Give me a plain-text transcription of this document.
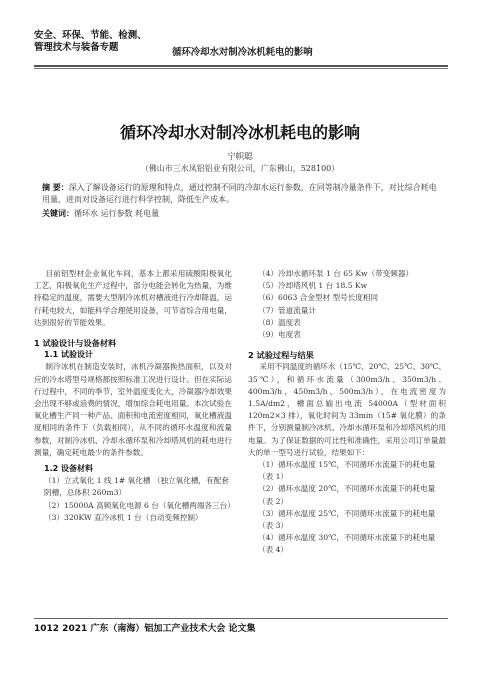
安全、环保、节能、检测、
管理技术与装备专题	循环冷却水对制冷冰机耗电的影响
循环冷却水对制冷冰机耗电的影响
宁帜聪
（佛山市三水凤铝铝业有限公司，广东佛山，528100）
摘 要：深入了解设备运行的原理和特点，通过控制不同的冷却水运行参数，在同等制冷量条件下，对比综合耗电用量，进而对设备运行进行科学控制，降低生产成本。
关键词：循环水 运行参数 耗电量

目前铝型材企业氧化车间，基本上都采用硫酸阳极氧化工艺，阳极氧化生产过程中，部分电能会转化为热量，为维持稳定的温度，需要大型制冷冰机对槽液进行冷却降温，运行耗电较大，如能科学合理使用设备，可节省综合用电量，达到很好的节能效果。

1 试验设计与设备材料

1.1 试验设计

制冷冰机在制造安装时，冰机冷凝器换热面积，以及对应的冷水塔型号规格都按照标准工况进行设计。但在实际运行过程中，不同的季节，室外温度变化大，冷凝器冷却效果会出现不够或浪费的情况，增加综合耗电用量。本次试验在氧化槽生产同一种产品、面积和电流密度相同，氧化槽液温度相同的条件下（负载相同），从不同的循环水温度和流量参数，对制冷冰机、冷却水循环泵和冷却塔风机的耗电进行测量，确定耗电最少的条件参数。

1.2 设备材料

（1）立式氧化 1 线 1# 氧化槽 （独立氧化槽，有配套阴槽，总体积 260m3）

（2）15000A 高频氧化电源 6 台（氧化槽两端各三台）

（3）320KW 直冷冰机 1 台（自动变频控制）

（4）冷却水循环泵 1 台 65 Kw（带变频器）

（5）冷却塔风机 1 台 18.5 Kw

（6）6063 合金型材 型号长度相同

（7）管道流量计

（8）温度表

（9）电度表

2 试验过程与结果

采用不同温度的循环水（15℃、20℃、25℃、30℃、35℃），和循环水流量（300m3/h、350m3/h、400m3/h、450m3/h、500m3/h），在电流密度为 1.5A/dm2，槽面总输出电流 54000A（型材面积 120m2×3 排），氧化时间为 33min（15# 氧化膜）的条件下，分别测量制冷冰机、冷却水循环泵和冷却塔风机的用电量。为了保证数据的可比性和准确性，采用公司订单量最大的单一型号进行试验，结果如下：

（1）循环水温度 15℃，不同循环水流量下的耗电量（表 1）

（2）循环水温度 20℃，不同循环水流量下的耗电量（表 2）

（3）循环水温度 25℃，不同循环水流量下的耗电量（表 3）

（4）循环水温度 30℃，不同循环水流量下的耗电量（表 4）

1012 2021 广东（南海）铝加工产业技术大会 论文集
